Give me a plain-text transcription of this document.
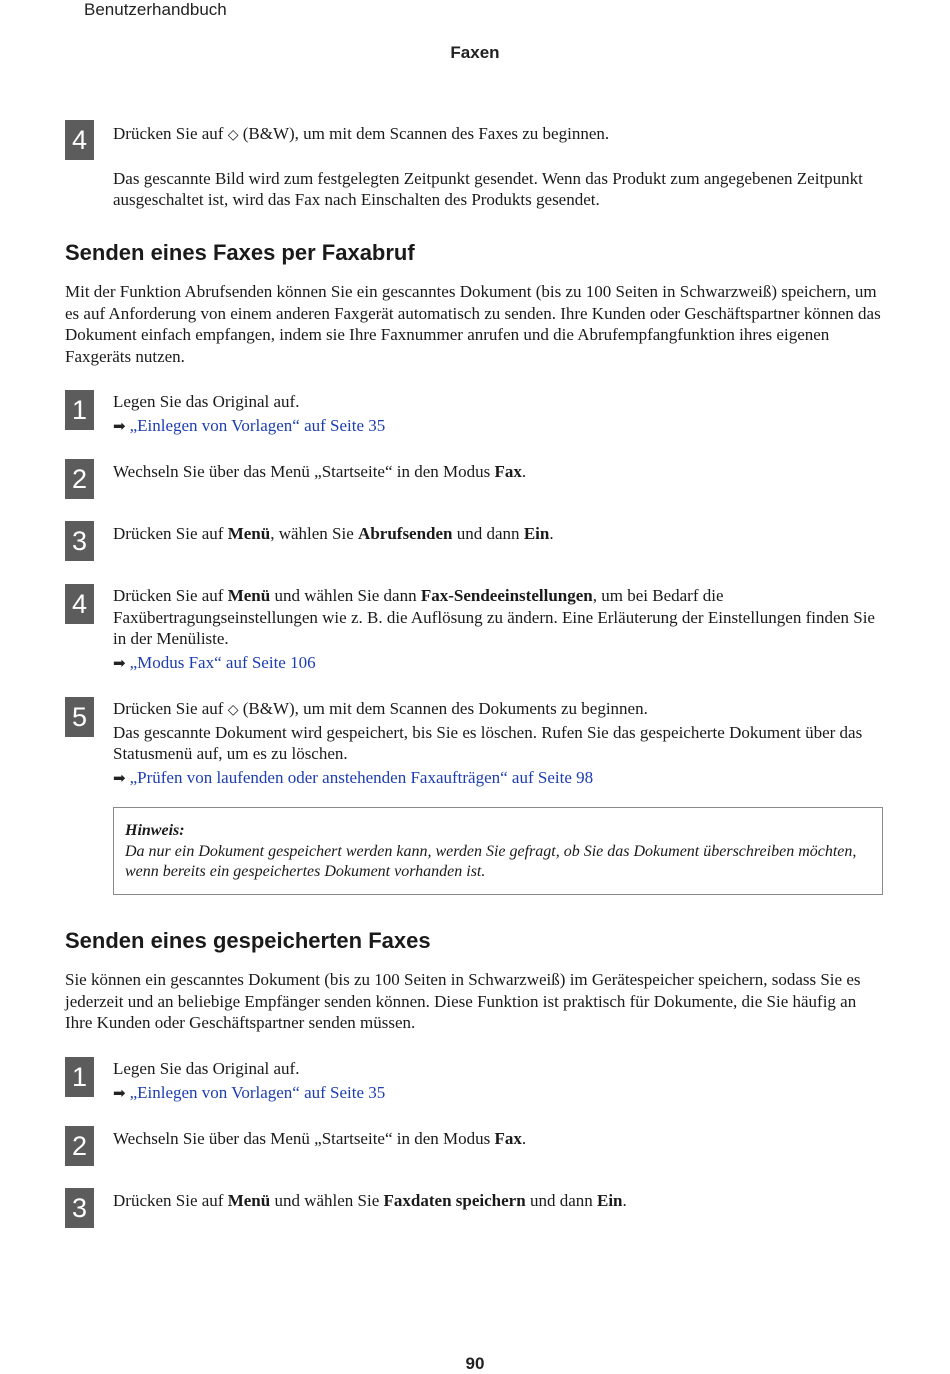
Benutzerhandbuch
Faxen
4	Drücken Sie auf ◇ (B&W), um mit dem Scannen des Faxes zu beginnen.

Das gescannte Bild wird zum festgelegten Zeitpunkt gesendet. Wenn das Produkt zum angegebenen Zeitpunkt ausgeschaltet ist, wird das Fax nach Einschalten des Produkts gesendet.

Senden eines Faxes per Faxabruf

Mit der Funktion Abrufsenden können Sie ein gescanntes Dokument (bis zu 100 Seiten in Schwarzweiß) speichern, um es auf Anforderung von einem anderen Faxgerät automatisch zu senden. Ihre Kunden oder Geschäftspartner können das Dokument einfach empfangen, indem sie Ihre Faxnummer anrufen und die Abrufempfangfunktion ihres eigenen Faxgeräts nutzen.

1	Legen Sie das Original auf.

➡ „Einlegen von Vorlagen“ auf Seite 35
2	Wechseln Sie über das Menü „Startseite“ in den Modus Fax.

3	Drücken Sie auf Menü, wählen Sie Abrufsenden und dann Ein.

4	Drücken Sie auf Menü und wählen Sie dann Fax-Sendeeinstellungen, um bei Bedarf die Faxübertragungseinstellungen wie z. B. die Auflösung zu ändern. Eine Erläuterung der Einstellungen finden Sie in der Menüliste.

➡ „Modus Fax“ auf Seite 106
5	Drücken Sie auf ◇ (B&W), um mit dem Scannen des Dokuments zu beginnen.

Das gescannte Dokument wird gespeichert, bis Sie es löschen. Rufen Sie das gespeicherte Dokument über das Statusmenü auf, um es zu löschen.

➡ „Prüfen von laufenden oder anstehenden Faxaufträgen“ auf Seite 98
Hinweis:
Da nur ein Dokument gespeichert werden kann, werden Sie gefragt, ob Sie das Dokument überschreiben möchten, wenn bereits ein gespeichertes Dokument vorhanden ist.
Senden eines gespeicherten Faxes

Sie können ein gescanntes Dokument (bis zu 100 Seiten in Schwarzweiß) im Gerätespeicher speichern, sodass Sie es jederzeit und an beliebige Empfänger senden können. Diese Funktion ist praktisch für Dokumente, die Sie häufig an Ihre Kunden oder Geschäftspartner senden müssen.

1	Legen Sie das Original auf.

➡ „Einlegen von Vorlagen“ auf Seite 35
2	Wechseln Sie über das Menü „Startseite“ in den Modus Fax.

3	Drücken Sie auf Menü und wählen Sie Faxdaten speichern und dann Ein.

90
